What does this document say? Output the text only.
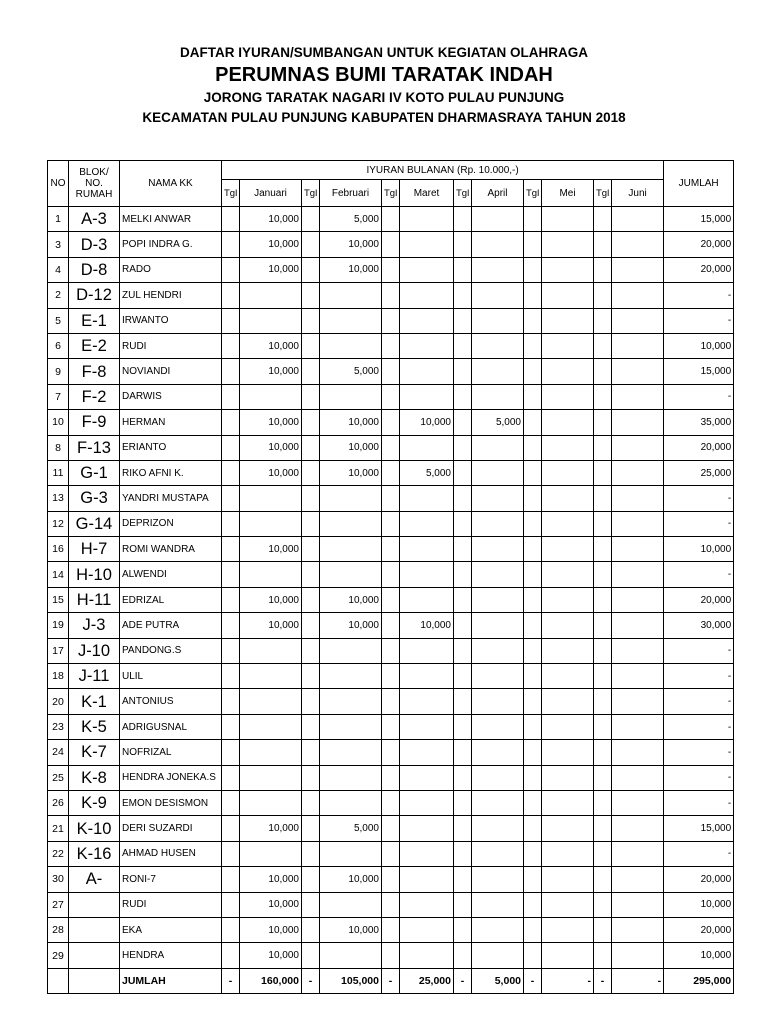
DAFTAR IYURAN/SUMBANGAN UNTUK KEGIATAN OLAHRAGA
PERUMNAS BUMI TARATAK INDAH
JORONG TARATAK NAGARI IV KOTO PULAU PUNJUNG
KECAMATAN PULAU PUNJUNG KABUPATEN DHARMASRAYA TAHUN 2018
NO	BLOK/
NO.
RUMAH	NAMA KK	IYURAN BULANAN (Rp. 10.000,-)												JUMLAH
			Tgl	Januari	Tgl	Februari	Tgl	Maret	Tgl	April	Tgl	Mei	Tgl	Juni	
1	A-3	MELKI ANWAR		10,000		5,000									15,000
3	D-3	POPI INDRA G.		10,000		10,000									20,000
4	D-8	RADO		10,000		10,000									20,000
2	D-12	ZUL HENDRI													-
5	E-1	IRWANTO													-
6	E-2	RUDI		10,000											10,000
9	F-8	NOVIANDI		10,000		5,000									15,000
7	F-2	DARWIS													-
10	F-9	HERMAN		10,000		10,000		10,000		5,000					35,000
8	F-13	ERIANTO		10,000		10,000									20,000
11	G-1	RIKO AFNI K.		10,000		10,000		5,000							25,000
13	G-3	YANDRI MUSTAPA													-
12	G-14	DEPRIZON													-
16	H-7	ROMI WANDRA		10,000											10,000
14	H-10	ALWENDI													-
15	H-11	EDRIZAL		10,000		10,000									20,000
19	J-3	ADE PUTRA		10,000		10,000		10,000							30,000
17	J-10	PANDONG.S													-
18	J-11	ULIL													-
20	K-1	ANTONIUS													-
23	K-5	ADRIGUSNAL													-
24	K-7	NOFRIZAL													-
25	K-8	HENDRA JONEKA.S													-
26	K-9	EMON DESISMON													-
21	K-10	DERI SUZARDI		10,000		5,000									15,000
22	K-16	AHMAD HUSEN													-
30	A-	RONI-7		10,000		10,000									20,000
27		RUDI		10,000											10,000
28		EKA		10,000		10,000									20,000
29		HENDRA		10,000											10,000
		JUMLAH	-	160,000	-	105,000	-	25,000	-	5,000	-	-	-	-	295,000
